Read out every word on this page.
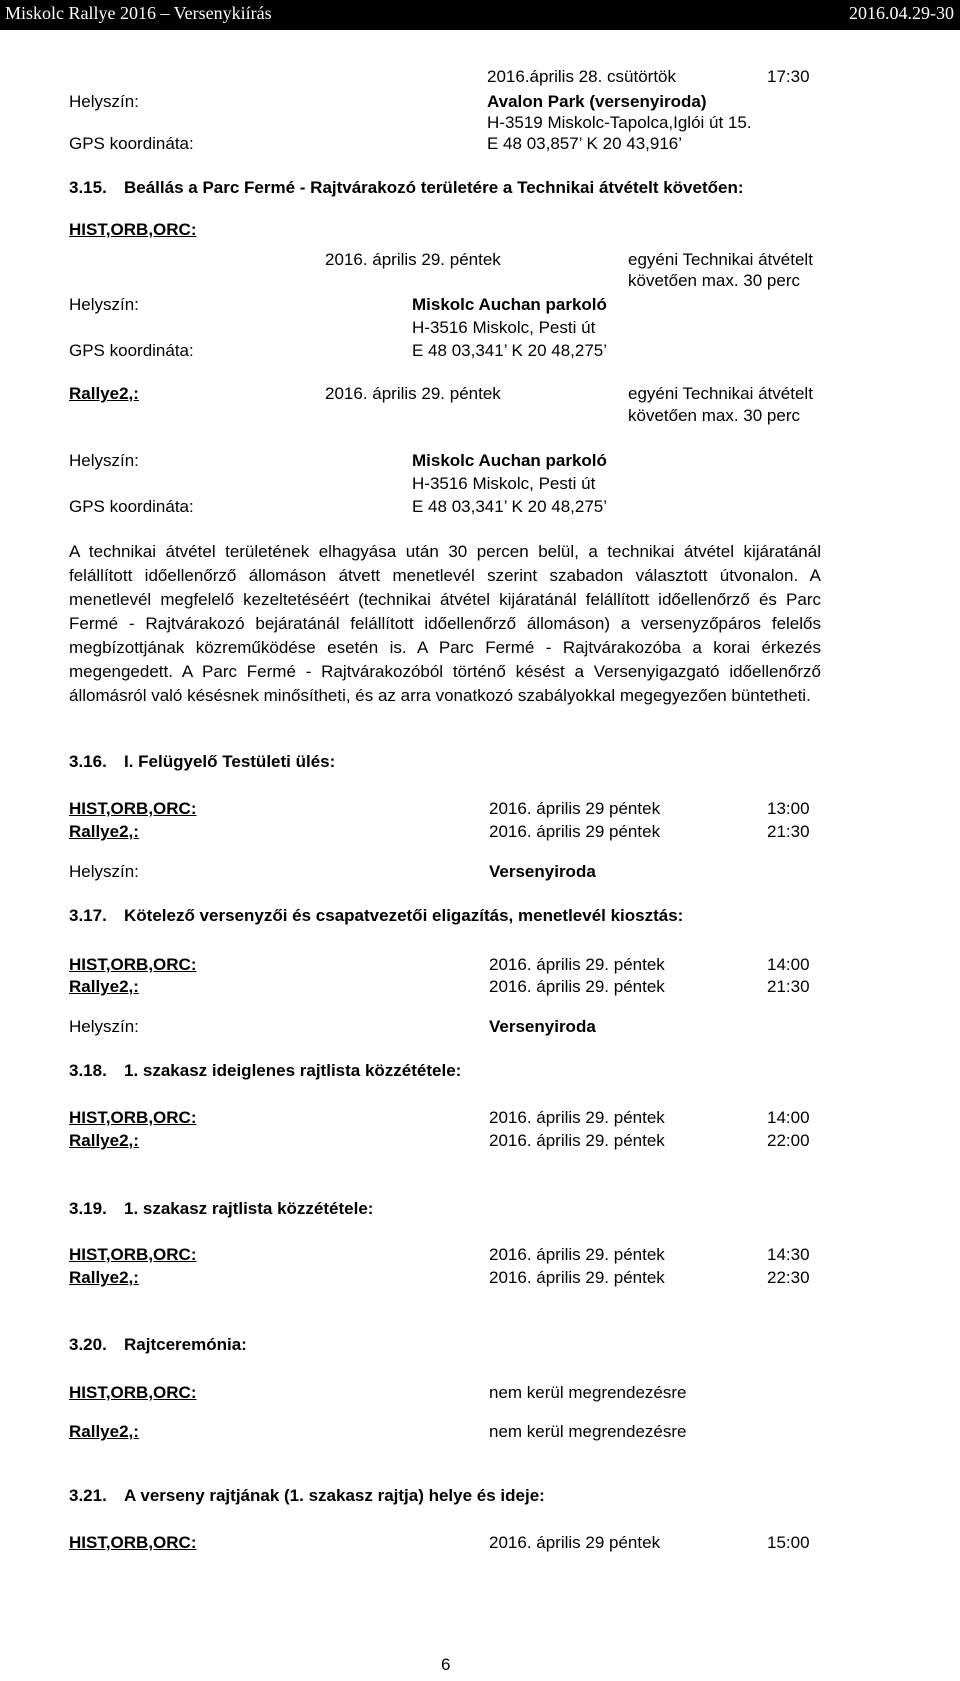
Miskolc Rallye 2016 – Versenykiírás	2016.04.29-30
2016.április 28. csütörtök	17:30
Helyszín:	Avalon Park (versenyiroda)
H-3519 Miskolc-Tapolca,Iglói út 15.
GPS koordináta:	E 48 03,857’ K 20 43,916’
3.15. Beállás a Parc Fermé - Rajtvárakozó területére a Technikai átvételt követően:
HIST,ORB,ORC:
2016. április 29. péntek	egyéni Technikai átvételt
követően max. 30 perc
Helyszín:	Miskolc Auchan parkoló
H-3516 Miskolc, Pesti út
GPS koordináta:	E 48 03,341’ K 20 48,275’
Rallye2,:	2016. április 29. péntek	egyéni Technikai átvételt
követően max. 30 perc
Helyszín:	Miskolc Auchan parkoló
H-3516 Miskolc, Pesti út
GPS koordináta:	E 48 03,341’ K 20 48,275’
A technikai átvétel területének elhagyása után 30 percen belül, a technikai átvétel kijáratánál felállított időellenőrző állomáson átvett menetlevél szerint szabadon választott útvonalon. A menetlevél megfelelő kezeltetéséért (technikai átvétel kijáratánál felállított időellenőrző és Parc Fermé - Rajtvárakozó bejáratánál felállított időellenőrző állomáson) a versenyzőpáros felelős megbízottjának közreműködése esetén is. A Parc Fermé - Rajtvárakozóba a korai érkezés megengedett. A Parc Fermé - Rajtvárakozóból történő késést a Versenyigazgató időellenőrző állomásról való késésnek minősítheti, és az arra vonatkozó szabályokkal megegyezően büntetheti.
3.16. I. Felügyelő Testületi ülés:
HIST,ORB,ORC:	2016. április 29 péntek	13:00
Rallye2,:	2016. április 29 péntek	21:30
Helyszín:	Versenyiroda
3.17. Kötelező versenyzői és csapatvezetői eligazítás, menetlevél kiosztás:
HIST,ORB,ORC:	2016. április 29. péntek	14:00
Rallye2,:	2016. április 29. péntek	21:30
Helyszín:	Versenyiroda
3.18. 1. szakasz ideiglenes rajtlista közzététele:
HIST,ORB,ORC:	2016. április 29. péntek	14:00
Rallye2,:	2016. április 29. péntek	22:00
3.19. 1. szakasz rajtlista közzététele:
HIST,ORB,ORC:	2016. április 29. péntek	14:30
Rallye2,:	2016. április 29. péntek	22:30
3.20. Rajtceremónia:
HIST,ORB,ORC:	nem kerül megrendezésre
Rallye2,:	nem kerül megrendezésre
3.21. A verseny rajtjának (1. szakasz rajtja) helye és ideje:
HIST,ORB,ORC:	2016. április 29 péntek	15:00
6
